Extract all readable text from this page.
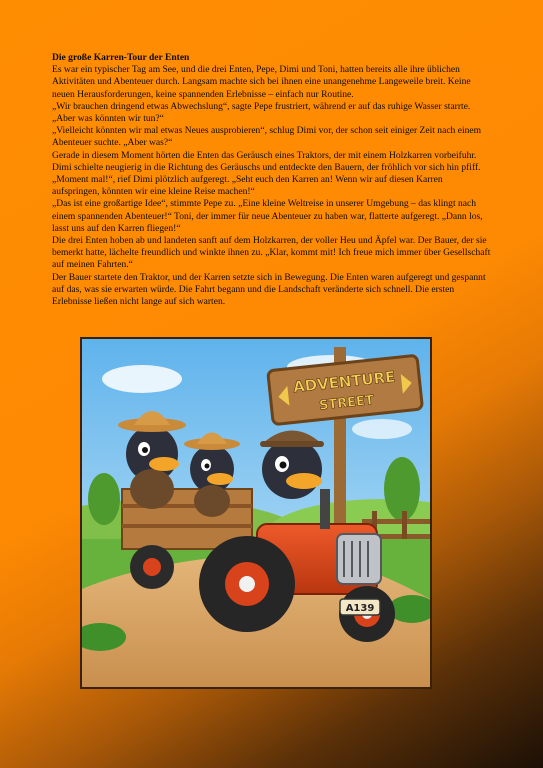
Die große Karren-Tour der Enten

Es war ein typischer Tag am See, und die drei Enten, Pepe, Dimi und Toni, hatten bereits alle ihre üblichen Aktivitäten und Abenteuer durch. Langsam machte sich bei ihnen eine unangenehme Langeweile breit. Keine neuen Herausforderungen, keine spannenden Erlebnisse – einfach nur Routine.

„Wir brauchen dringend etwas Abwechslung“, sagte Pepe frustriert, während er auf das ruhige Wasser starrte. „Aber was könnten wir tun?“

„Vielleicht könnten wir mal etwas Neues ausprobieren“, schlug Dimi vor, der schon seit einiger Zeit nach einem Abenteuer suchte. „Aber was?“

Gerade in diesem Moment hörten die Enten das Geräusch eines Traktors, der mit einem Holzkarren vorbeifuhr. Dimi schielte neugierig in die Richtung des Geräuschs und entdeckte den Bauern, der fröhlich vor sich hin pfiff. „Moment mal!“, rief Dimi plötzlich aufgeregt. „Seht euch den Karren an! Wenn wir auf diesen Karren aufspringen, könnten wir eine kleine Reise machen!“

„Das ist eine großartige Idee“, stimmte Pepe zu. „Eine kleine Weltreise in unserer Umgebung – das klingt nach einem spannenden Abenteuer!“ Toni, der immer für neue Abenteuer zu haben war, flatterte aufgeregt. „Dann los, lasst uns auf den Karren fliegen!“

Die drei Enten hoben ab und landeten sanft auf dem Holzkarren, der voller Heu und Äpfel war. Der Bauer, der sie bemerkt hatte, lächelte freundlich und winkte ihnen zu. „Klar, kommt mit! Ich freue mich immer über Gesellschaft auf meinen Fahrten.“

Der Bauer startete den Traktor, und der Karren setzte sich in Bewegung. Die Enten waren aufgeregt und gespannt auf das, was sie erwarten würde. Die Fahrt begann und die Landschaft veränderte sich schnell. Die ersten Erlebnisse ließen nicht lange auf sich warten.

ADVENTURE
STREET
A139
